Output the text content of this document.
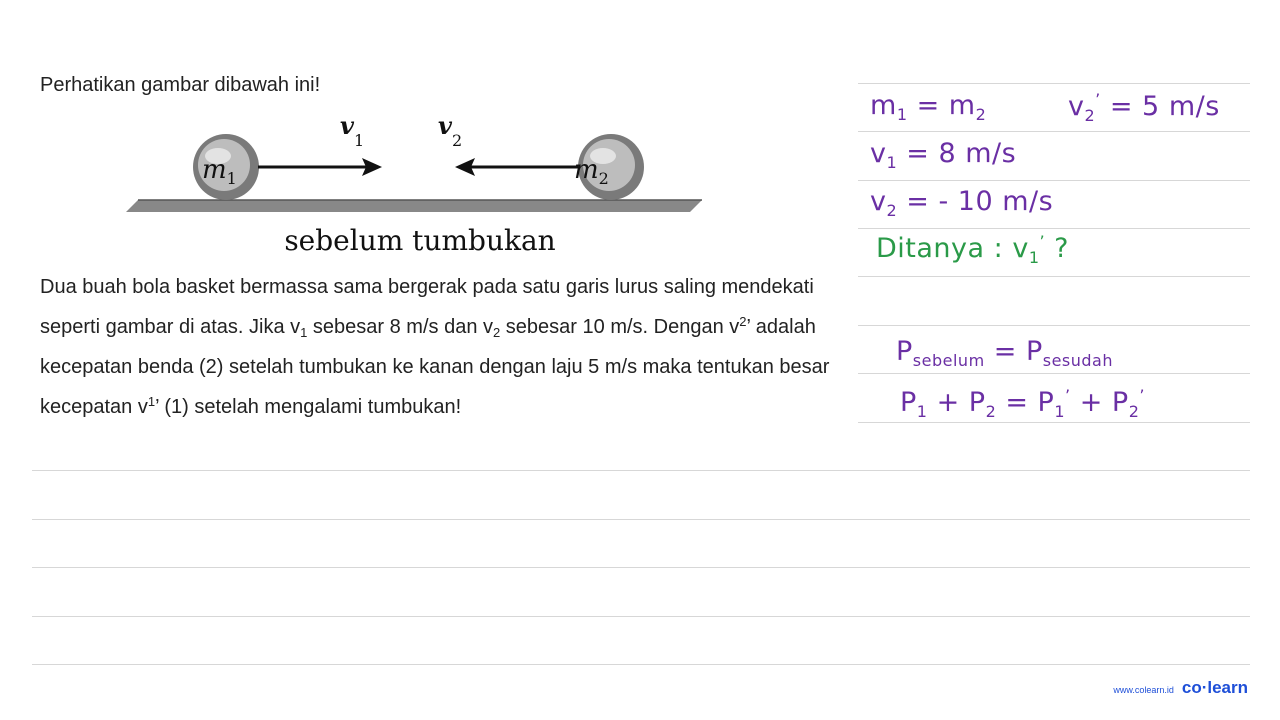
Perhatikan gambar dibawah ini!
$m_1$	$m_2$
$v_1$
$v_2$
sebelum tumbukan
Dua buah bola basket bermassa sama bergerak pada satu garis lurus saling mendekati seperti gambar di atas. Jika $v_1$ sebesar 8 m/s dan $v_2$ sebesar 10 m/s. Dengan $v^2$’ adalah kecepatan benda (2) setelah tumbukan ke kanan dengan laju 5 m/s maka tentukan besar kecepatan $v^1$’ (1) setelah mengalami tumbukan!
$m_1 = m_2$	$v_2^’ = 5$ m/s
$v_1 = 8$ m/s
$v_2$ = - 10 m/s
Ditanya : $v_1^’$ ?
$P_{sebelum} = P_{sesudah}$
$P_1 + P_2 = P_1^’ + P_2^’$
www.colearn.id co·learn
